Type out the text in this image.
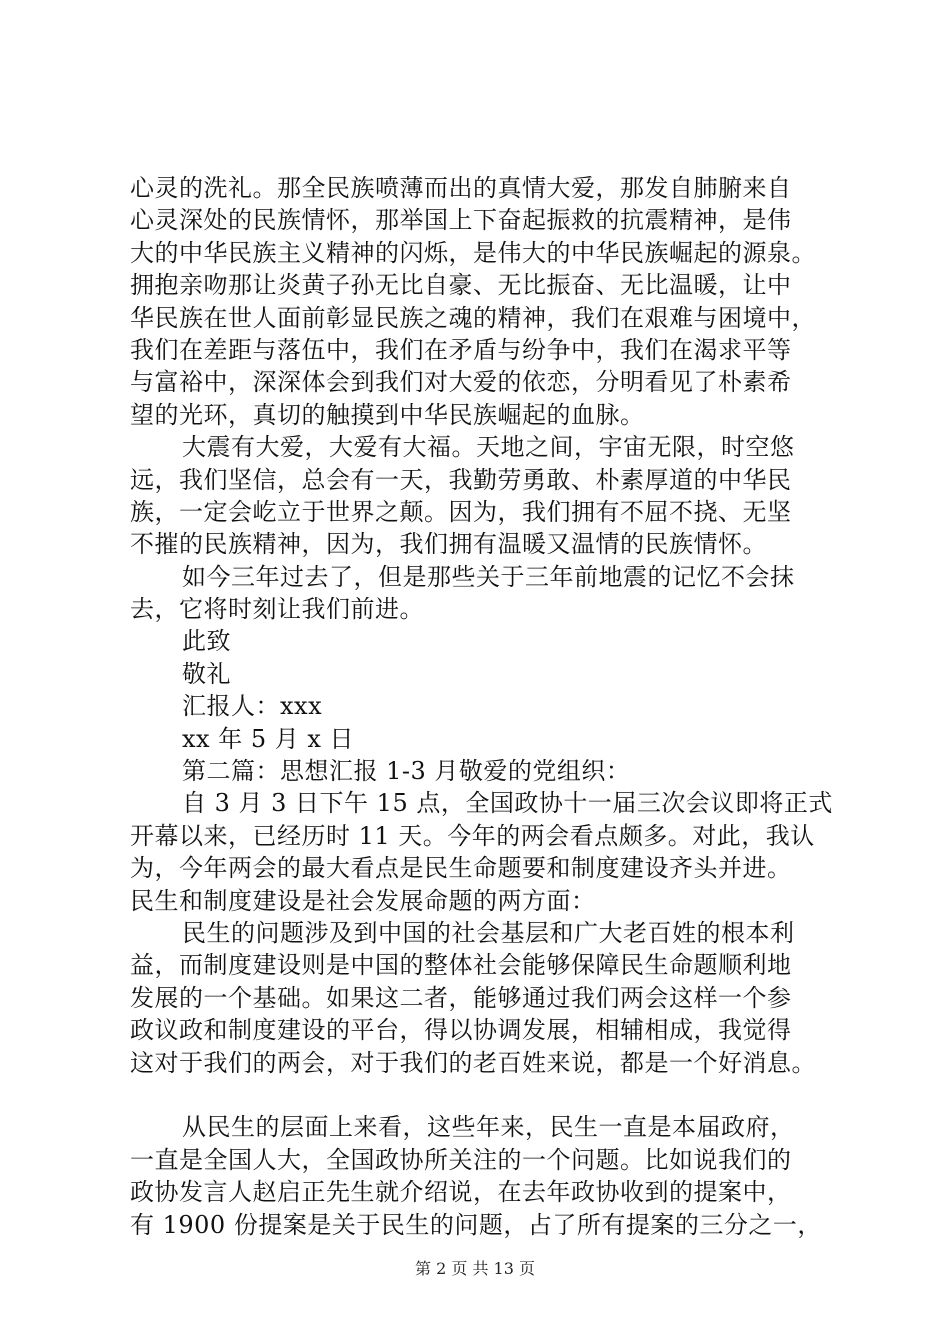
心灵的洗礼。那全民族喷薄而出的真情大爱，那发自肺腑来自
心灵深处的民族情怀，那举国上下奋起振救的抗震精神，是伟
大的中华民族主义精神的闪烁，是伟大的中华民族崛起的源泉。
拥抱亲吻那让炎黄子孙无比自豪、无比振奋、无比温暖，让中
华民族在世人面前彰显民族之魂的精神，我们在艰难与困境中，
我们在差距与落伍中，我们在矛盾与纷争中，我们在渴求平等
与富裕中，深深体会到我们对大爱的依恋，分明看见了朴素希
望的光环，真切的触摸到中华民族崛起的血脉。
大震有大爱，大爱有大福。天地之间，宇宙无限，时空悠
远，我们坚信，总会有一天，我勤劳勇敢、朴素厚道的中华民
族，一定会屹立于世界之颠。因为，我们拥有不屈不挠、无坚
不摧的民族精神，因为，我们拥有温暖又温情的民族情怀。
如今三年过去了，但是那些关于三年前地震的记忆不会抹
去，它将时刻让我们前进。
此致
敬礼
汇报人：xxx
xx 年 5 月 x 日
第二篇：思想汇报 1-3 月敬爱的党组织：
自 3 月 3 日下午 15 点，全国政协十一届三次会议即将正式
开幕以来，已经历时 11 天。今年的两会看点颇多。对此，我认
为，今年两会的最大看点是民生命题要和制度建设齐头并进。
民生和制度建设是社会发展命题的两方面：
民生的问题涉及到中国的社会基层和广大老百姓的根本利
益，而制度建设则是中国的整体社会能够保障民生命题顺利地
发展的一个基础。如果这二者，能够通过我们两会这样一个参
政议政和制度建设的平台，得以协调发展，相辅相成，我觉得
这对于我们的两会，对于我们的老百姓来说，都是一个好消息。
从民生的层面上来看，这些年来，民生一直是本届政府，
一直是全国人大，全国政协所关注的一个问题。比如说我们的
政协发言人赵启正先生就介绍说，在去年政协收到的提案中，
有 1900 份提案是关于民生的问题，占了所有提案的三分之一，
第 2 页 共 13 页
